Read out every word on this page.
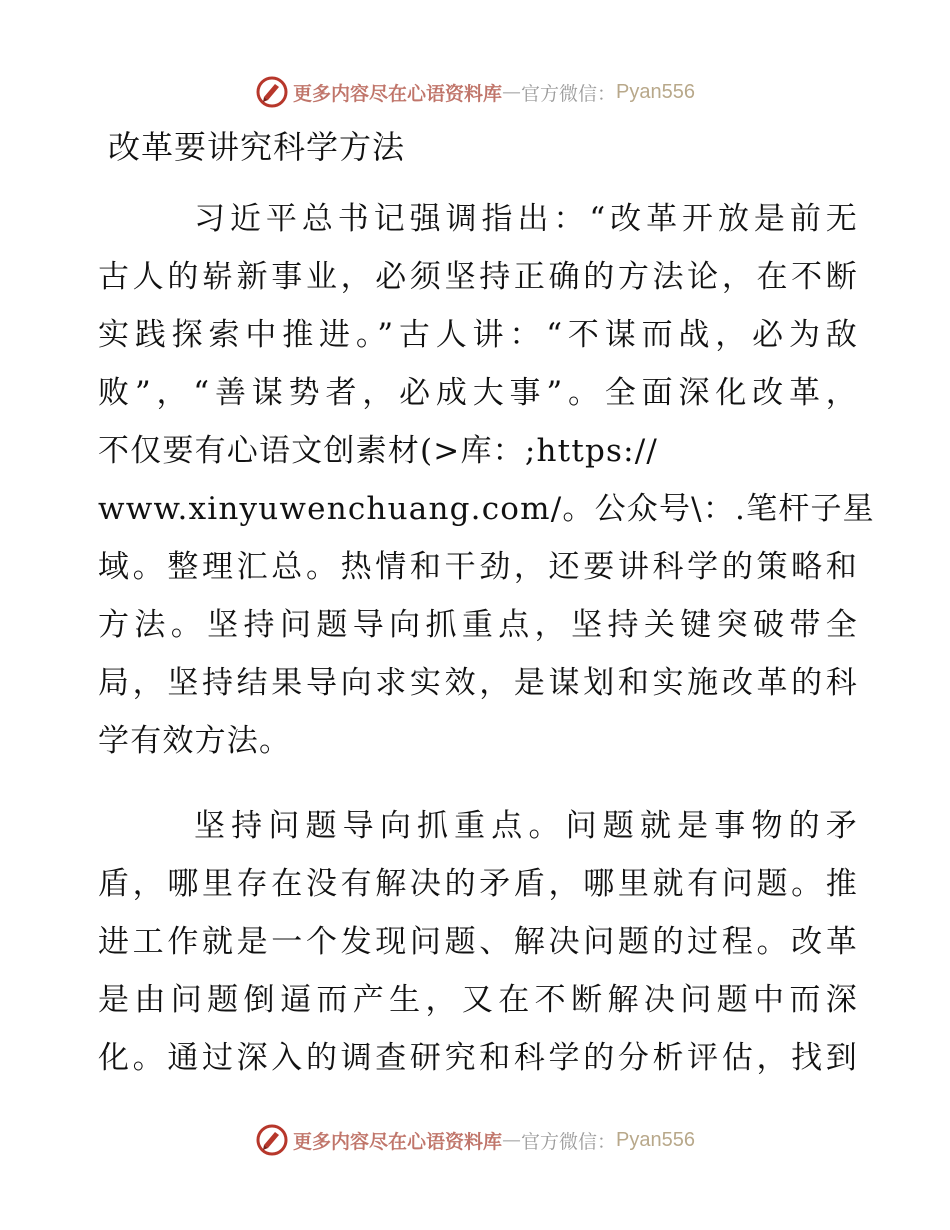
更多内容尽在心语资料库 — 官方微信： Pyan556
改革要讲究科学方法
习近平总书记强调指出：“改革开放是前无
古人的崭新事业，必须坚持正确的方法论，在不断
实践探索中推进。”古人讲：“不谋而战，必为敌
败”，“善谋势者，必成大事”。全面深化改革，
不仅要有心语文创素材(>库：;https://
www.xinyuwenchuang.com/。公众号\：.笔杆子星
域。整理汇总。热情和干劲，还要讲科学的策略和
方法。坚持问题导向抓重点，坚持关键突破带全
局，坚持结果导向求实效，是谋划和实施改革的科
学有效方法。
坚持问题导向抓重点。问题就是事物的矛
盾，哪里存在没有解决的矛盾，哪里就有问题。推
进工作就是一个发现问题、解决问题的过程。改革
是由问题倒逼而产生，又在不断解决问题中而深
化。通过深入的调查研究和科学的分析评估，找到
更多内容尽在心语资料库 — 官方微信： Pyan556
